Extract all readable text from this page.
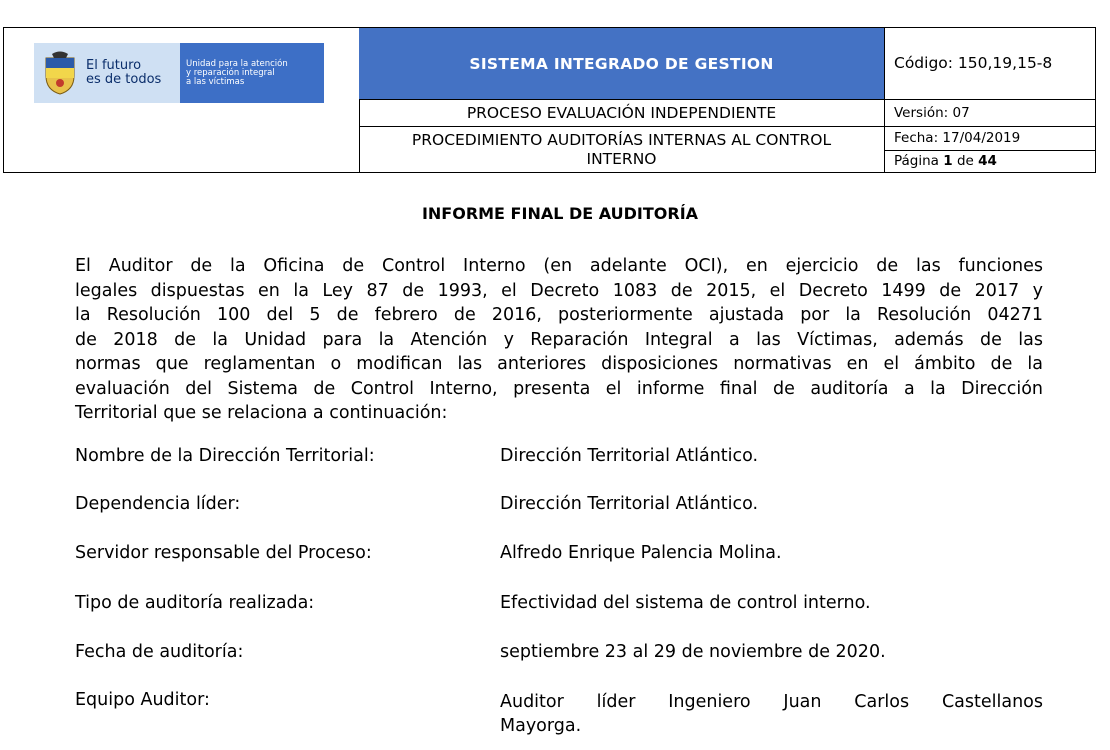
SISTEMA INTEGRADO DE GESTION	Código: 150,19,15-8
PROCESO EVALUACIÓN INDEPENDIENTE	Versión: 07
PROCEDIMIENTO AUDITORÍAS INTERNAS AL CONTROL
INTERNO
Fecha: 17/04/2019
Página 1 de 44
El futuro
es de todos
Unidad para la atención
y reparación integral
a las víctimas
INFORME FINAL DE AUDITORÍA
El Auditor de la Oficina de Control Interno (en adelante OCI), en ejercicio de las funciones
legales dispuestas en la Ley 87 de 1993, el Decreto 1083 de 2015, el Decreto 1499 de 2017 y
la Resolución 100 del 5 de febrero de 2016, posteriormente ajustada por la Resolución 04271
de 2018 de la Unidad para la Atención y Reparación Integral a las Víctimas, además de las
normas que reglamentan o modifican las anteriores disposiciones normativas en el ámbito de la
evaluación del Sistema de Control Interno, presenta el informe final de auditoría a la Dirección
Territorial que se relaciona a continuación:
Nombre de la Dirección Territorial:	Dirección Territorial Atlántico.
Dependencia líder:	Dirección Territorial Atlántico.
Servidor responsable del Proceso:	Alfredo Enrique Palencia Molina.
Tipo de auditoría realizada:	Efectividad del sistema de control interno.
Fecha de auditoría:	septiembre 23 al 29 de noviembre de 2020.
Equipo Auditor:	Auditor líder Ingeniero Juan Carlos Castellanos
Mayorga.
